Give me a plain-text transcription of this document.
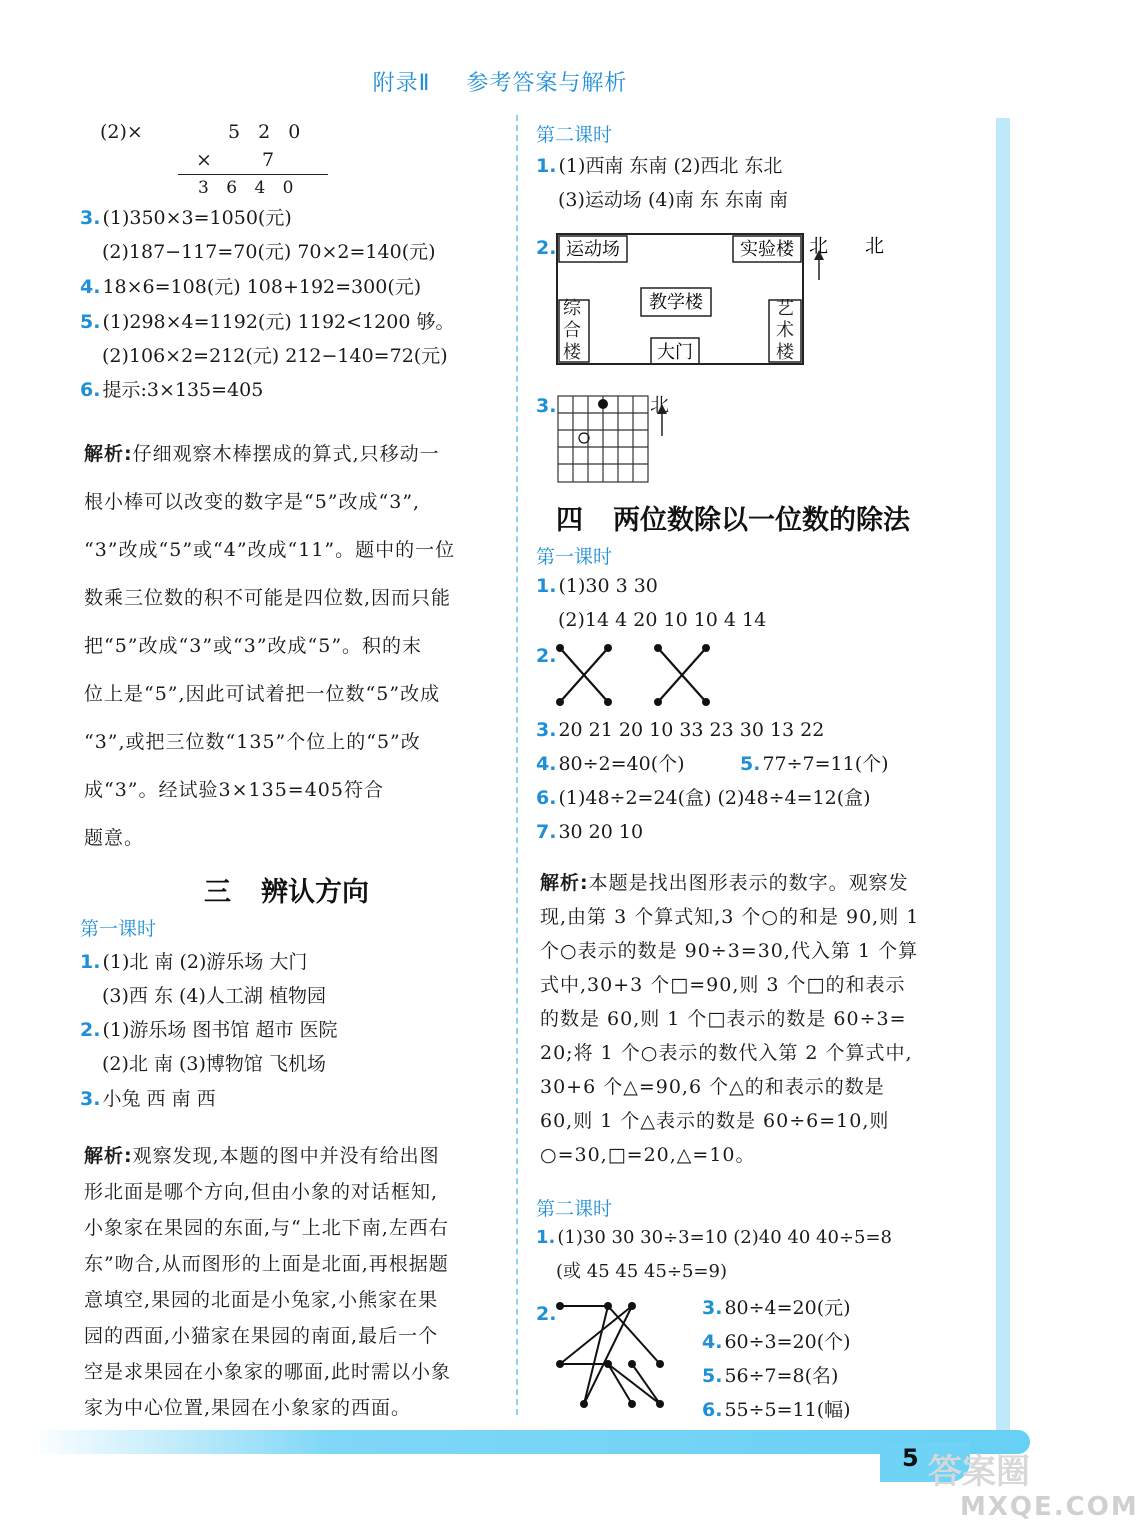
附录Ⅱ 参考答案与解析
(2)×	5 2 0
×	7
3 6 4 0
3. (1)350×3=1050(元)
(2)187−117=70(元) 70×2=140(元)
4. 18×6=108(元) 108+192=300(元)
5. (1)298×4=1192(元) 1192<1200 够。
(2)106×2=212(元) 212−140=72(元)
6. 提示:3×135=405
解析:仔细观察木棒摆成的算式,只移动一
根小棒可以改变的数字是“5”改成“3”,
“3”改成“5”或“4”改成“11”。题中的一位
数乘三位数的积不可能是四位数,因而只能
把“5”改成“3”或“3”改成“5”。积的末
位上是“5”,因此可试着把一位数“5”改成
“3”,或把三位数“135”个位上的“5”改
成“3”。经试验3×135=405符合
题意。
三 辨认方向
第一课时
1. (1)北 南 (2)游乐场 大门
(3)西 东 (4)人工湖 植物园
2. (1)游乐场 图书馆 超市 医院
(2)北 南 (3)博物馆 飞机场
3. 小兔 西 南 西
解析:观察发现,本题的图中并没有给出图
形北面是哪个方向,但由小象的对话框知,
小象家在果园的东面,与“上北下南,左西右
东”吻合,从而图形的上面是北面,再根据题
意填空,果园的北面是小兔家,小熊家在果
园的西面,小猫家在果园的南面,最后一个
空是求果园在小象家的哪面,此时需以小象
家为中心位置,果园在小象家的西面。
第二课时
1. (1)西南 东南 (2)西北 东北
(3)运动场 (4)南 东 东南 南
2. 运动场	实验楼
教学楼
大门
北 北
综合楼
艺术楼
3.	北
四 两位数除以一位数的除法
第一课时
1. (1)30 3 30
(2)14 4 20 10 10 4 14
2.
3. 20 21 20 10 33 23 30 13 22
4. 80÷2=40(个)	5. 77÷7=11(个)
6. (1)48÷2=24(盒) (2)48÷4=12(盒)
7. 30 20 10
解析:本题是找出图形表示的数字。观察发
现,由第 3 个算式知,3 个○的和是 90,则 1
个○表示的数是 90÷3=30,代入第 1 个算
式中,30+3 个□=90,则 3 个□的和表示
的数是 60,则 1 个□表示的数是 60÷3=
20;将 1 个○表示的数代入第 2 个算式中,
30+6 个△=90,6 个△的和表示的数是
60,则 1 个△表示的数是 60÷6=10,则
○=30,□=20,△=10。
第二课时
1. (1)30 30 30÷3=10 (2)40 40 40÷5=8
(或 45 45 45÷5=9)
2.	3. 80÷4=20(元)
4. 60÷3=20(个)
5. 56÷7=8(名)
6. 55÷5=11(幅)
5 答案圈
MXQE.COM
